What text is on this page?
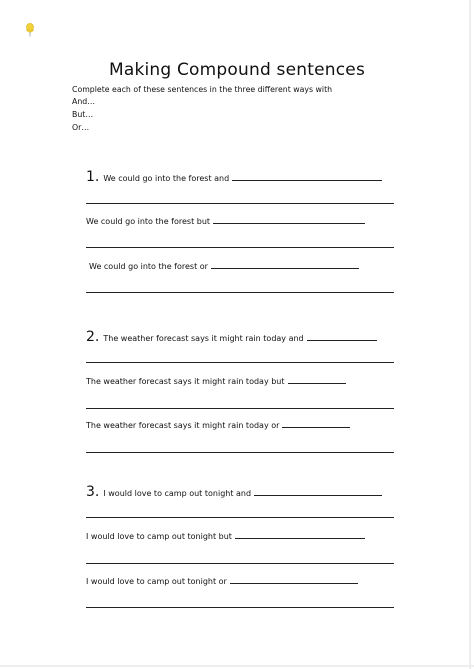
Making Compound sentences
Complete each of these sentences in the three different ways with
And…
But…
Or…
1. We could go into the forest and
We could go into the forest but
We could go into the forest or
2. The weather forecast says it might rain today and
The weather forecast says it might rain today but
The weather forecast says it might rain today or
3. I would love to camp out tonight and
I would love to camp out tonight but
I would love to camp out tonight or
